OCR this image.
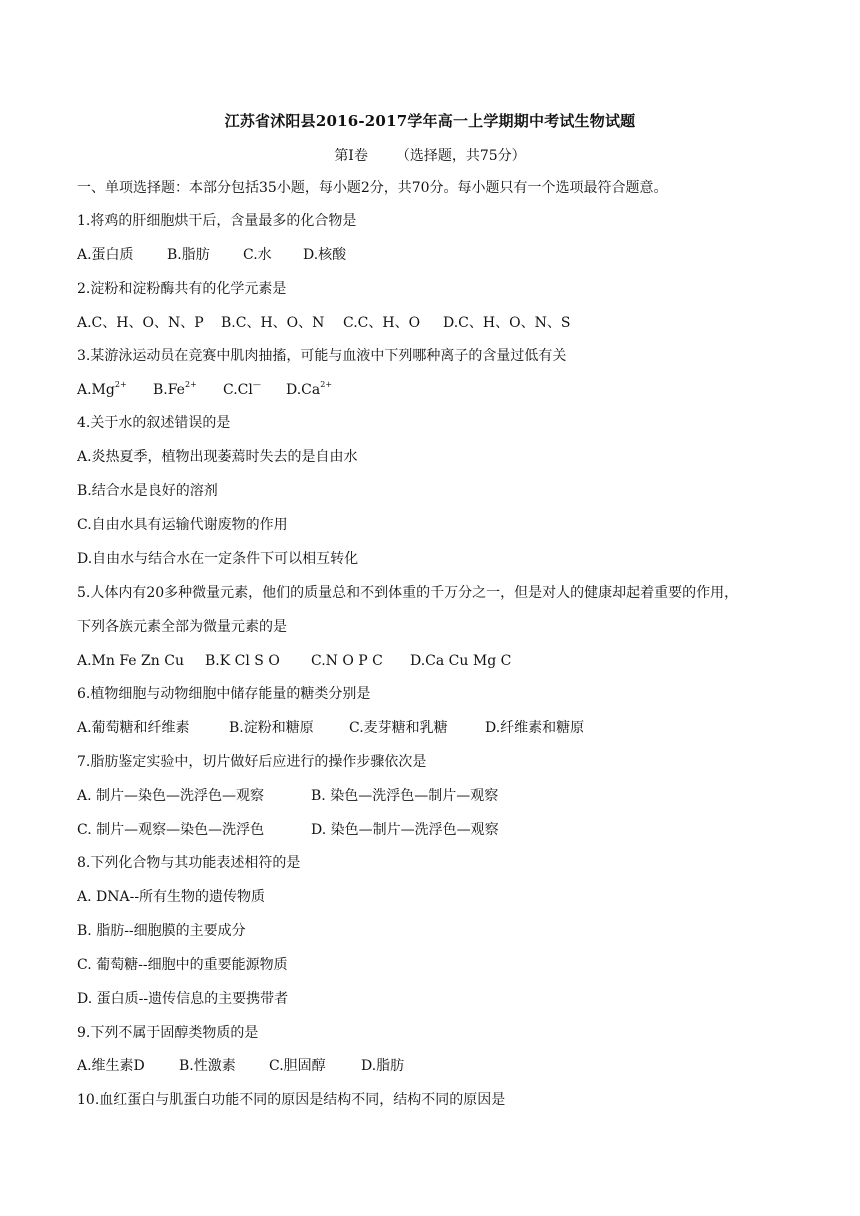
江苏省沭阳县2016-2017学年高一上学期期中考试生物试题
第Ⅰ卷 （选择题，共75分）
一、单项选择题：本部分包括35小题，每小题2分，共70分。每小题只有一个选项最符合题意。
1.将鸡的肝细胞烘干后，含量最多的化合物是
A.蛋白质 B.脂肪 C.水 D.核酸
2.淀粉和淀粉酶共有的化学元素是
A.C、H、O、N、P B.C、H、O、N C.C、H、O D.C、H、O、N、S
3.某游泳运动员在竞赛中肌肉抽搐，可能与血液中下列哪种离子的含量过低有关
$A.Mg^{2+}$ $B.Fe^{2+}$ C.Cl— $D.Ca^{2+}$
4.关于水的叙述错误的是
A.炎热夏季，植物出现萎蔫时失去的是自由水
B.结合水是良好的溶剂
C.自由水具有运输代谢废物的作用
D.自由水与结合水在一定条件下可以相互转化
5.人体内有20多种微量元素，他们的质量总和不到体重的千万分之一，但是对人的健康却起着重要的作用，
下列各族元素全部为微量元素的是
A.Mn Fe Zn Cu B.K Cl S O C.N O P C D.Ca Cu Mg C
6.植物细胞与动物细胞中储存能量的糖类分别是
A.葡萄糖和纤维素	B.淀粉和糖原	C.麦芽糖和乳糖	D.纤维素和糖原
7.脂肪鉴定实验中，切片做好后应进行的操作步骤依次是
A. 制片—染色—洗浮色—观察	B. 染色—洗浮色—制片—观察
C. 制片—观察—染色—洗浮色	D. 染色—制片—洗浮色—观察
8.下列化合物与其功能表述相符的是
A. DNA--所有生物的遗传物质
B. 脂肪--细胞膜的主要成分
C. 葡萄糖--细胞中的重要能源物质
D. 蛋白质--遗传信息的主要携带者
9.下列不属于固醇类物质的是
A.维生素D B.性激素 C.胆固醇	D.脂肪
10.血红蛋白与肌蛋白功能不同的原因是结构不同，结构不同的原因是
